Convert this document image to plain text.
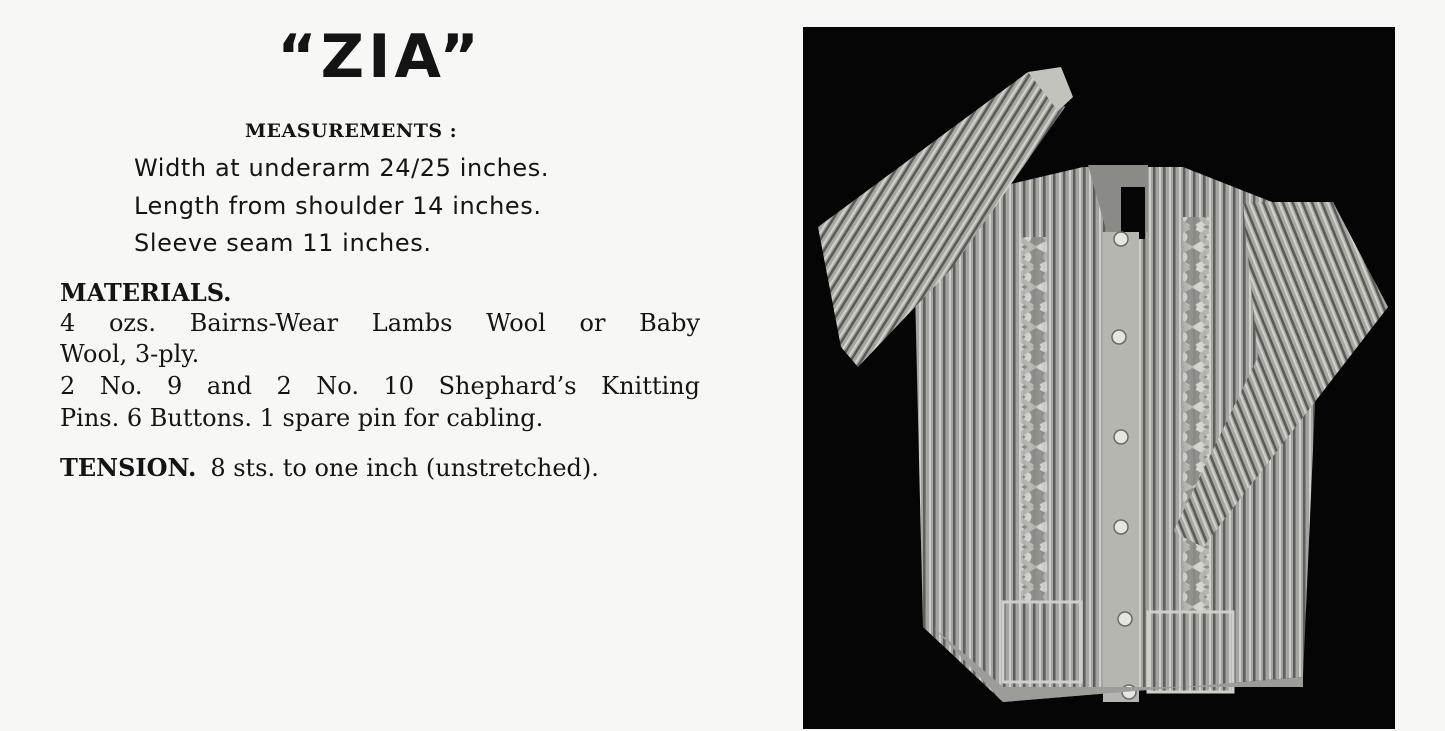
“ZIA”
MEASUREMENTS :
Width at underarm 24/25 inches.
Length from shoulder 14 inches.
Sleeve seam 11 inches.
MATERIALS.
4 ozs. Bairns-Wear Lambs Wool or Baby
Wool, 3-ply.
2 No. 9 and 2 No. 10 Shephard’s Knitting
Pins. 6 Buttons. 1 spare pin for cabling.
TENSION. 8 sts. to one inch (unstretched).
